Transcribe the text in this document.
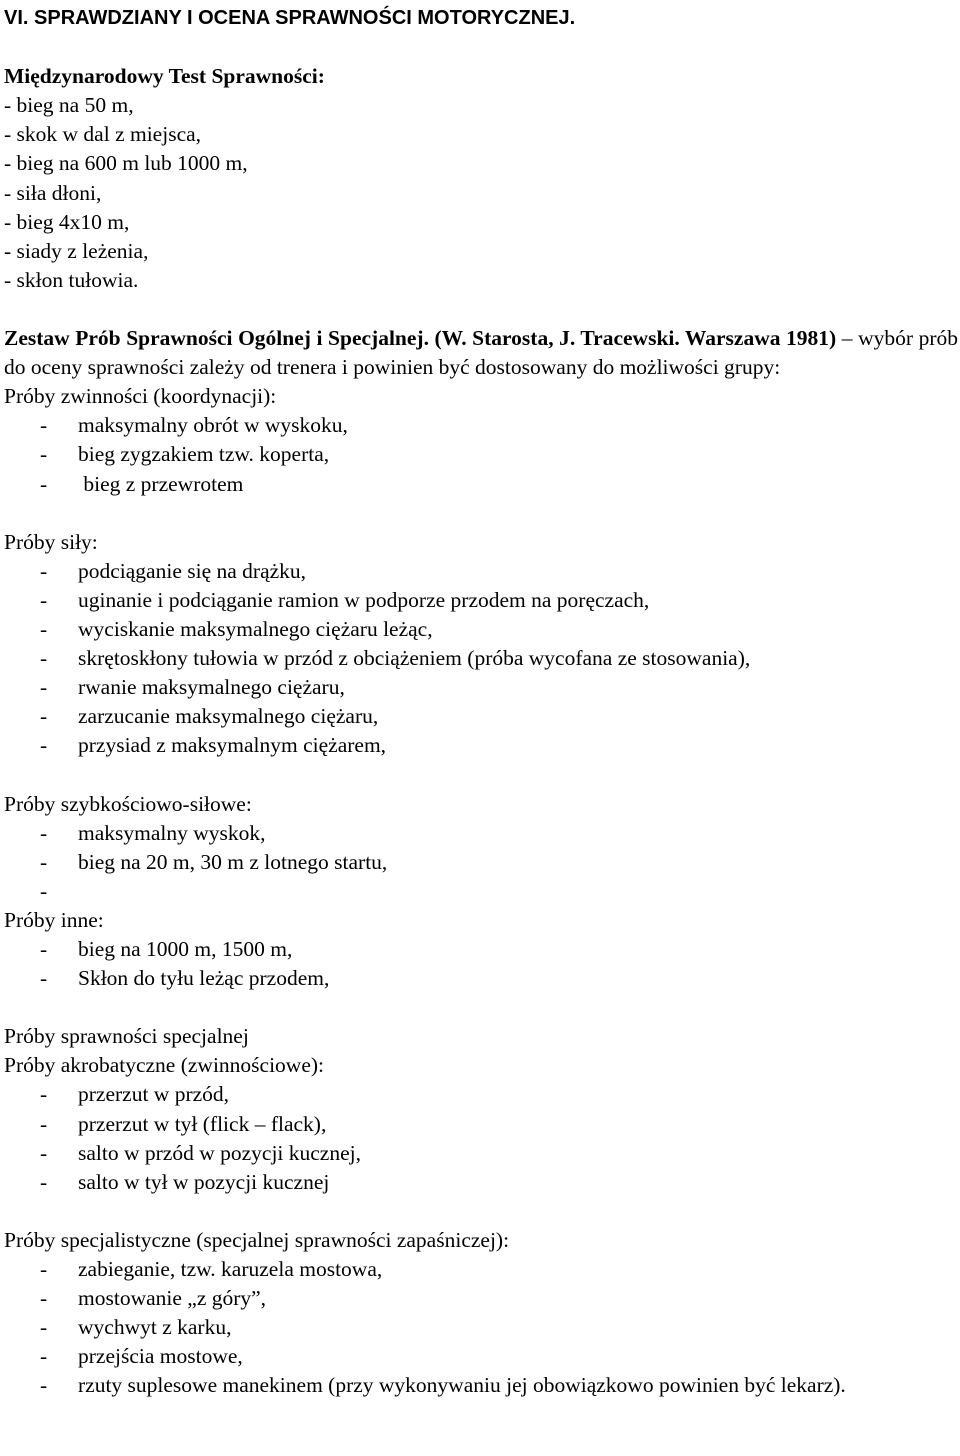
VI. SPRAWDZIANY I OCENA SPRAWNOŚCI MOTORYCZNEJ.
Międzynarodowy Test Sprawności:
- bieg na 50 m,
- skok w dal z miejsca,
- bieg na 600 m lub 1000 m,
- siła dłoni,
- bieg 4x10 m,
- siady z leżenia,
- skłon tułowia.
Zestaw Prób Sprawności Ogólnej i Specjalnej. (W. Starosta, J. Tracewski. Warszawa 1981) – wybór prób do oceny sprawności zależy od trenera i powinien być dostosowany do możliwości grupy:
Próby zwinności (koordynacji):
- maksymalny obrót w wyskoku,
- bieg zygzakiem tzw. koperta,
- bieg z przewrotem
Próby siły:
- podciąganie się na drążku,
- uginanie i podciąganie ramion w podporze przodem na poręczach,
- wyciskanie maksymalnego ciężaru leżąc,
- skrętoskłony tułowia w przód z obciążeniem (próba wycofana ze stosowania),
- rwanie maksymalnego ciężaru,
- zarzucanie maksymalnego ciężaru,
- przysiad z maksymalnym ciężarem,
Próby szybkościowo-siłowe:
- maksymalny wyskok,
- bieg na 20 m, 30 m z lotnego startu,
-
Próby inne:
- bieg na 1000 m, 1500 m,
- Skłon do tyłu leżąc przodem,
Próby sprawności specjalnej
Próby akrobatyczne (zwinnościowe):
- przerzut w przód,
- przerzut w tył (flick – flack),
- salto w przód w pozycji kucznej,
- salto w tył w pozycji kucznej
Próby specjalistyczne (specjalnej sprawności zapaśniczej):
- zabieganie, tzw. karuzela mostowa,
- mostowanie „z góry”,
- wychwyt z karku,
- przejścia mostowe,
-	rzuty suplesowe manekinem (przy wykonywaniu jej obowiązkowo powinien być lekarz).
